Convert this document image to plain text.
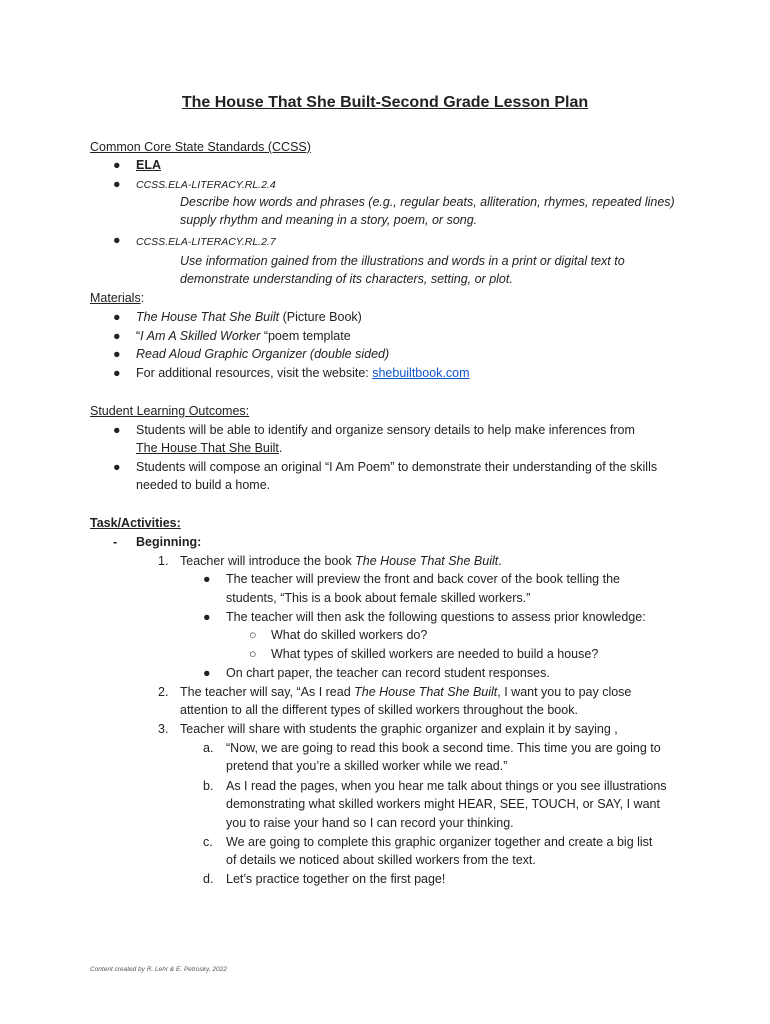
The House That She Built-Second Grade Lesson Plan
Common Core State Standards (CCSS)
● ELA
● CCSS.ELA-LITERACY.RL.2.4
Describe how words and phrases (e.g., regular beats, alliteration, rhymes, repeated lines)
supply rhythm and meaning in a story, poem, or song.
● CCSS.ELA-LITERACY.RL.2.7
Use information gained from the illustrations and words in a print or digital text to
demonstrate understanding of its characters, setting, or plot.
Materials:
● The House That She Built (Picture Book)
● “I Am A Skilled Worker “poem template
● Read Aloud Graphic Organizer (double sided)
● For additional resources, visit the website: shebuiltbook.com
Student Learning Outcomes:
● Students will be able to identify and organize sensory details to help make inferences from
The House That She Built.
● Students will compose an original “I Am Poem” to demonstrate their understanding of the skills
needed to build a home.
Task/Activities:
- Beginning:
1. Teacher will introduce the book The House That She Built.
● The teacher will preview the front and back cover of the book telling the
students, “This is a book about female skilled workers.”
● The teacher will then ask the following questions to assess prior knowledge:
○ What do skilled workers do?
○ What types of skilled workers are needed to build a house?
● On chart paper, the teacher can record student responses.
2. The teacher will say, “As I read The House That She Built, I want you to pay close
attention to all the different types of skilled workers throughout the book.
3. Teacher will share with students the graphic organizer and explain it by saying ,
a. “Now, we are going to read this book a second time. This time you are going to
pretend that you’re a skilled worker while we read.”
b. As I read the pages, when you hear me talk about things or you see illustrations
demonstrating what skilled workers might HEAR, SEE, TOUCH, or SAY, I want
you to raise your hand so I can record your thinking.
c. We are going to complete this graphic organizer together and create a big list
of details we noticed about skilled workers from the text.
d. Let’s practice together on the first page!
Content created by R. Lehr & E. Petrosky, 2022
